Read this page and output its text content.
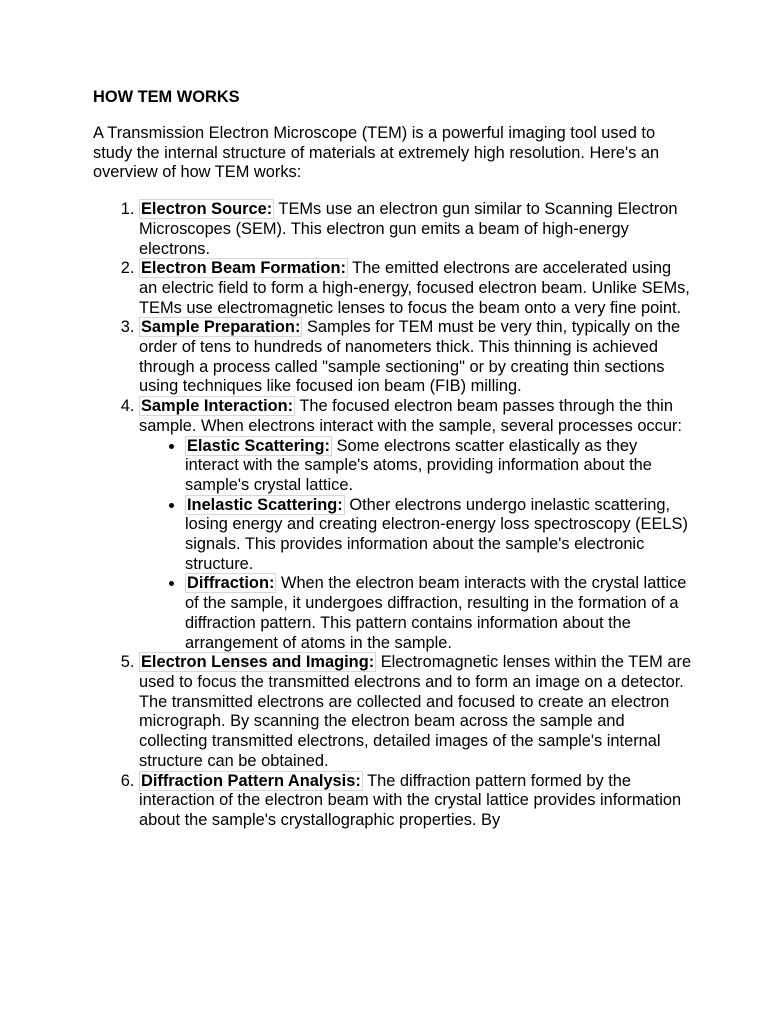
HOW TEM WORKS
A Transmission Electron Microscope (TEM) is a powerful imaging tool used to study the internal structure of materials at extremely high resolution. Here's an overview of how TEM works:
1. Electron Source: TEMs use an electron gun similar to Scanning Electron Microscopes (SEM). This electron gun emits a beam of high-energy electrons.
2. Electron Beam Formation: The emitted electrons are accelerated using an electric field to form a high-energy, focused electron beam. Unlike SEMs, TEMs use electromagnetic lenses to focus the beam onto a very fine point.
3. Sample Preparation: Samples for TEM must be very thin, typically on the order of tens to hundreds of nanometers thick. This thinning is achieved through a process called "sample sectioning" or by creating thin sections using techniques like focused ion beam (FIB) milling.
4. Sample Interaction: The focused electron beam passes through the thin sample. When electrons interact with the sample, several processes occur:
• Elastic Scattering: Some electrons scatter elastically as they interact with the sample's atoms, providing information about the sample's crystal lattice.
• Inelastic Scattering: Other electrons undergo inelastic scattering, losing energy and creating electron-energy loss spectroscopy (EELS) signals. This provides information about the sample's electronic structure.
• Diffraction: When the electron beam interacts with the crystal lattice of the sample, it undergoes diffraction, resulting in the formation of a diffraction pattern. This pattern contains information about the arrangement of atoms in the sample.
5. Electron Lenses and Imaging: Electromagnetic lenses within the TEM are used to focus the transmitted electrons and to form an image on a detector. The transmitted electrons are collected and focused to create an electron micrograph. By scanning the electron beam across the sample and collecting transmitted electrons, detailed images of the sample's internal structure can be obtained.
6. Diffraction Pattern Analysis: The diffraction pattern formed by the interaction of the electron beam with the crystal lattice provides information about the sample's crystallographic properties. By
